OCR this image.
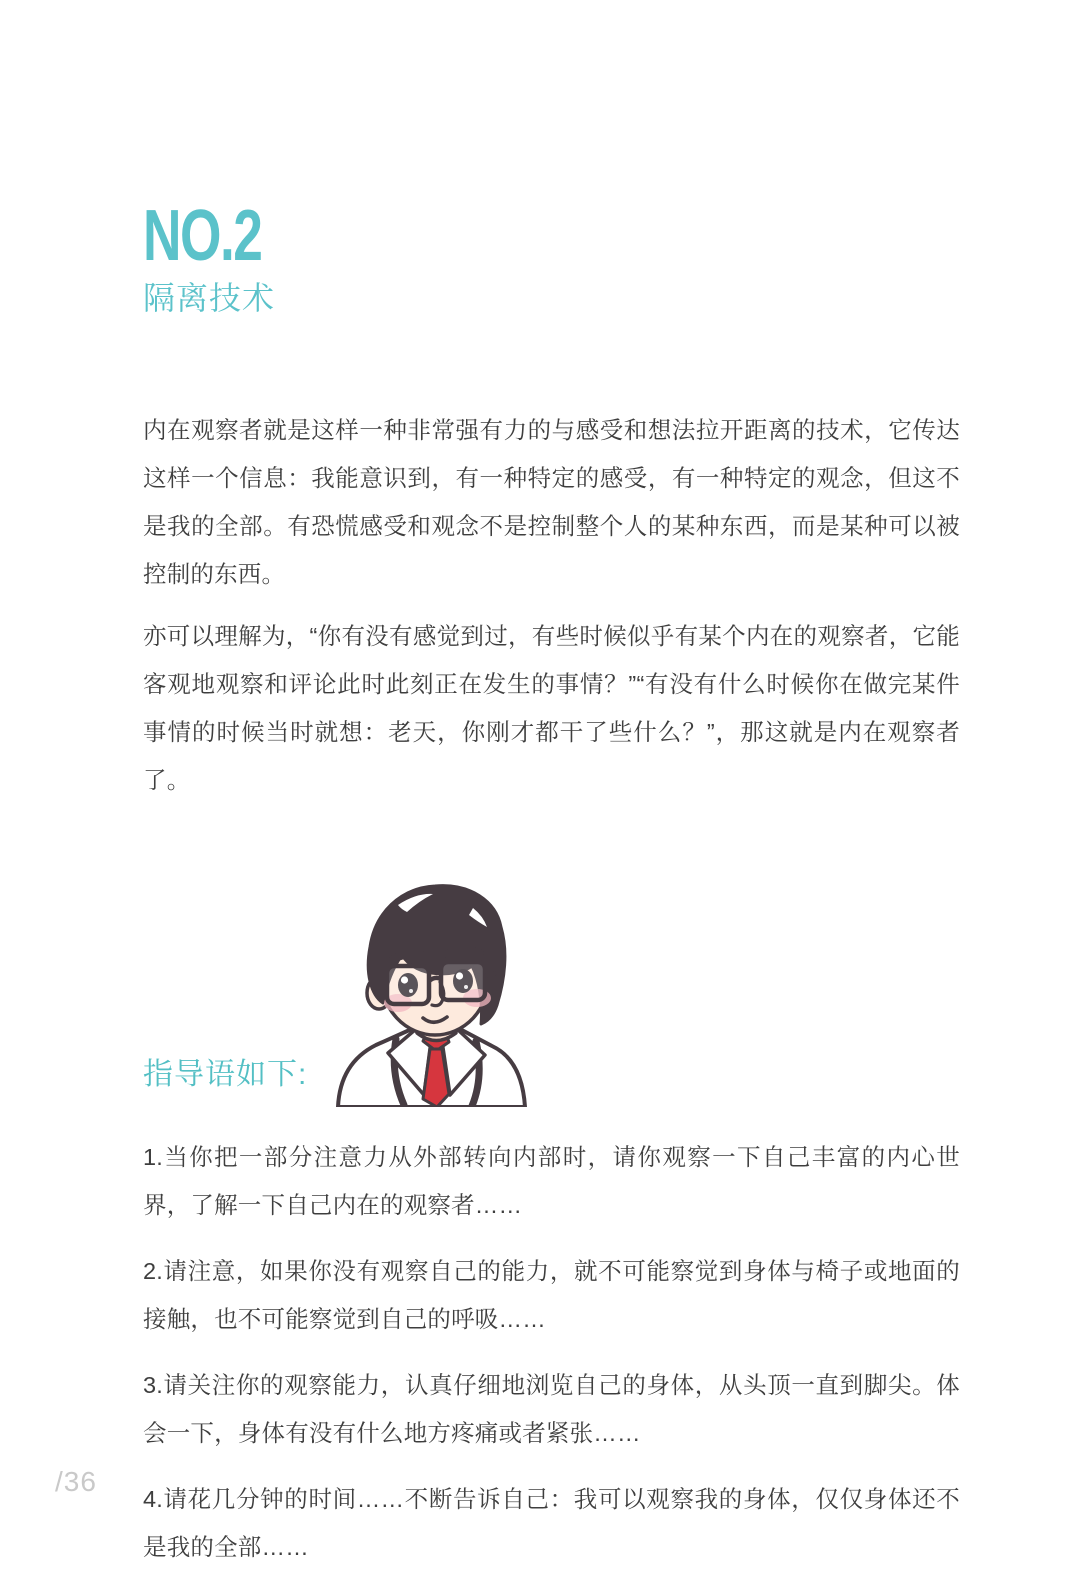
NO.2
隔离技术

内在观察者就是这样一种非常强有力的与感受和想法拉开距离的技术，它传达这样一个信息：我能意识到，有一种特定的感受，有一种特定的观念，但这不是我的全部。有恐慌感受和观念不是控制整个人的某种东西，而是某种可以被控制的东西。

亦可以理解为，“你有没有感觉到过，有些时候似乎有某个内在的观察者，它能客观地观察和评论此时此刻正在发生的事情？”“有没有什么时候你在做完某件事情的时候当时就想：老天，你刚才都干了些什么？”，那这就是内在观察者了。

指导语如下:

1.当你把一部分注意力从外部转向内部时，请你观察一下自己丰富的内心世界，了解一下自己内在的观察者……

2.请注意，如果你没有观察自己的能力，就不可能察觉到身体与椅子或地面的接触，也不可能察觉到自己的呼吸……

3.请关注你的观察能力，认真仔细地浏览自己的身体，从头顶一直到脚尖。体会一下，身体有没有什么地方疼痛或者紧张……

4.请花几分钟的时间……不断告诉自己：我可以观察我的身体，仅仅身体还不是我的全部……

/36
